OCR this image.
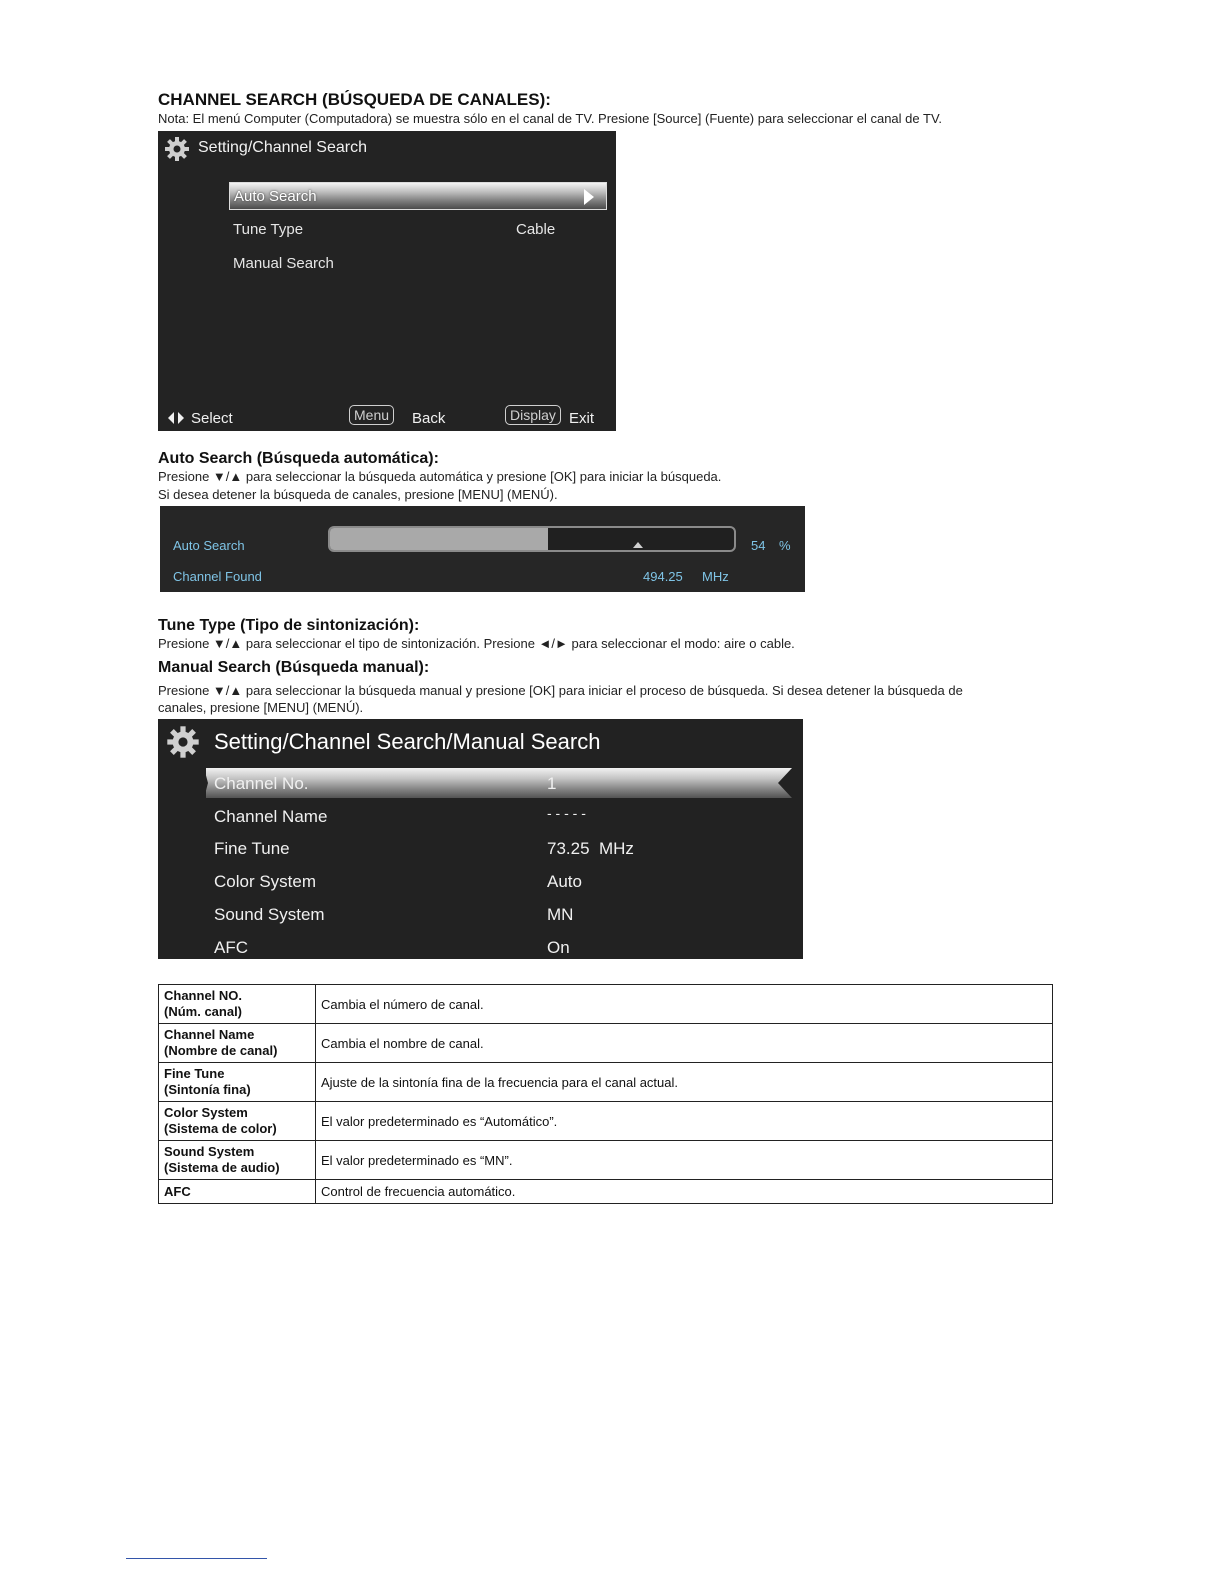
CHANNEL SEARCH (BÚSQUEDA DE CANALES):
Nota: El menú Computer (Computadora) se muestra sólo en el canal de TV. Presione [Source] (Fuente) para seleccionar el canal de TV.
Setting/Channel Search
Auto Search
Tune Type	Cable
Manual Search
Select	Menu	Back	Display Exit
Auto Search (Búsqueda automática):
Presione ▼/▲ para seleccionar la búsqueda automática y presione [OK] para iniciar la búsqueda.
Si desea detener la búsqueda de canales, presione [MENU] (MENÚ).
Auto Search	54 %
Channel Found	494.25 MHz
Tune Type (Tipo de sintonización):
Presione ▼/▲ para seleccionar el tipo de sintonización. Presione ◄/► para seleccionar el modo: aire o cable.
Manual Search (Búsqueda manual):
Presione ▼/▲ para seleccionar la búsqueda manual y presione [OK] para iniciar el proceso de búsqueda. Si desea detener la búsqueda de
canales, presione [MENU] (MENÚ).
Setting/Channel Search/Manual Search
Channel No.	1
Channel Name	- - - - -
Fine Tune	73.25  MHz
Color System	Auto
Sound System	MN
AFC	On
Channel NO.
(Núm. canal)	Cambia el número de canal.
Channel Name
(Nombre de canal)	Cambia el nombre de canal.
Fine Tune
(Sintonía fina)	Ajuste de la sintonía fina de la frecuencia para el canal actual.
Color System
(Sistema de color)	El valor predeterminado es “Automático”.
Sound System
(Sistema de audio)	El valor predeterminado es “MN”.
AFC	Control de frecuencia automático.
